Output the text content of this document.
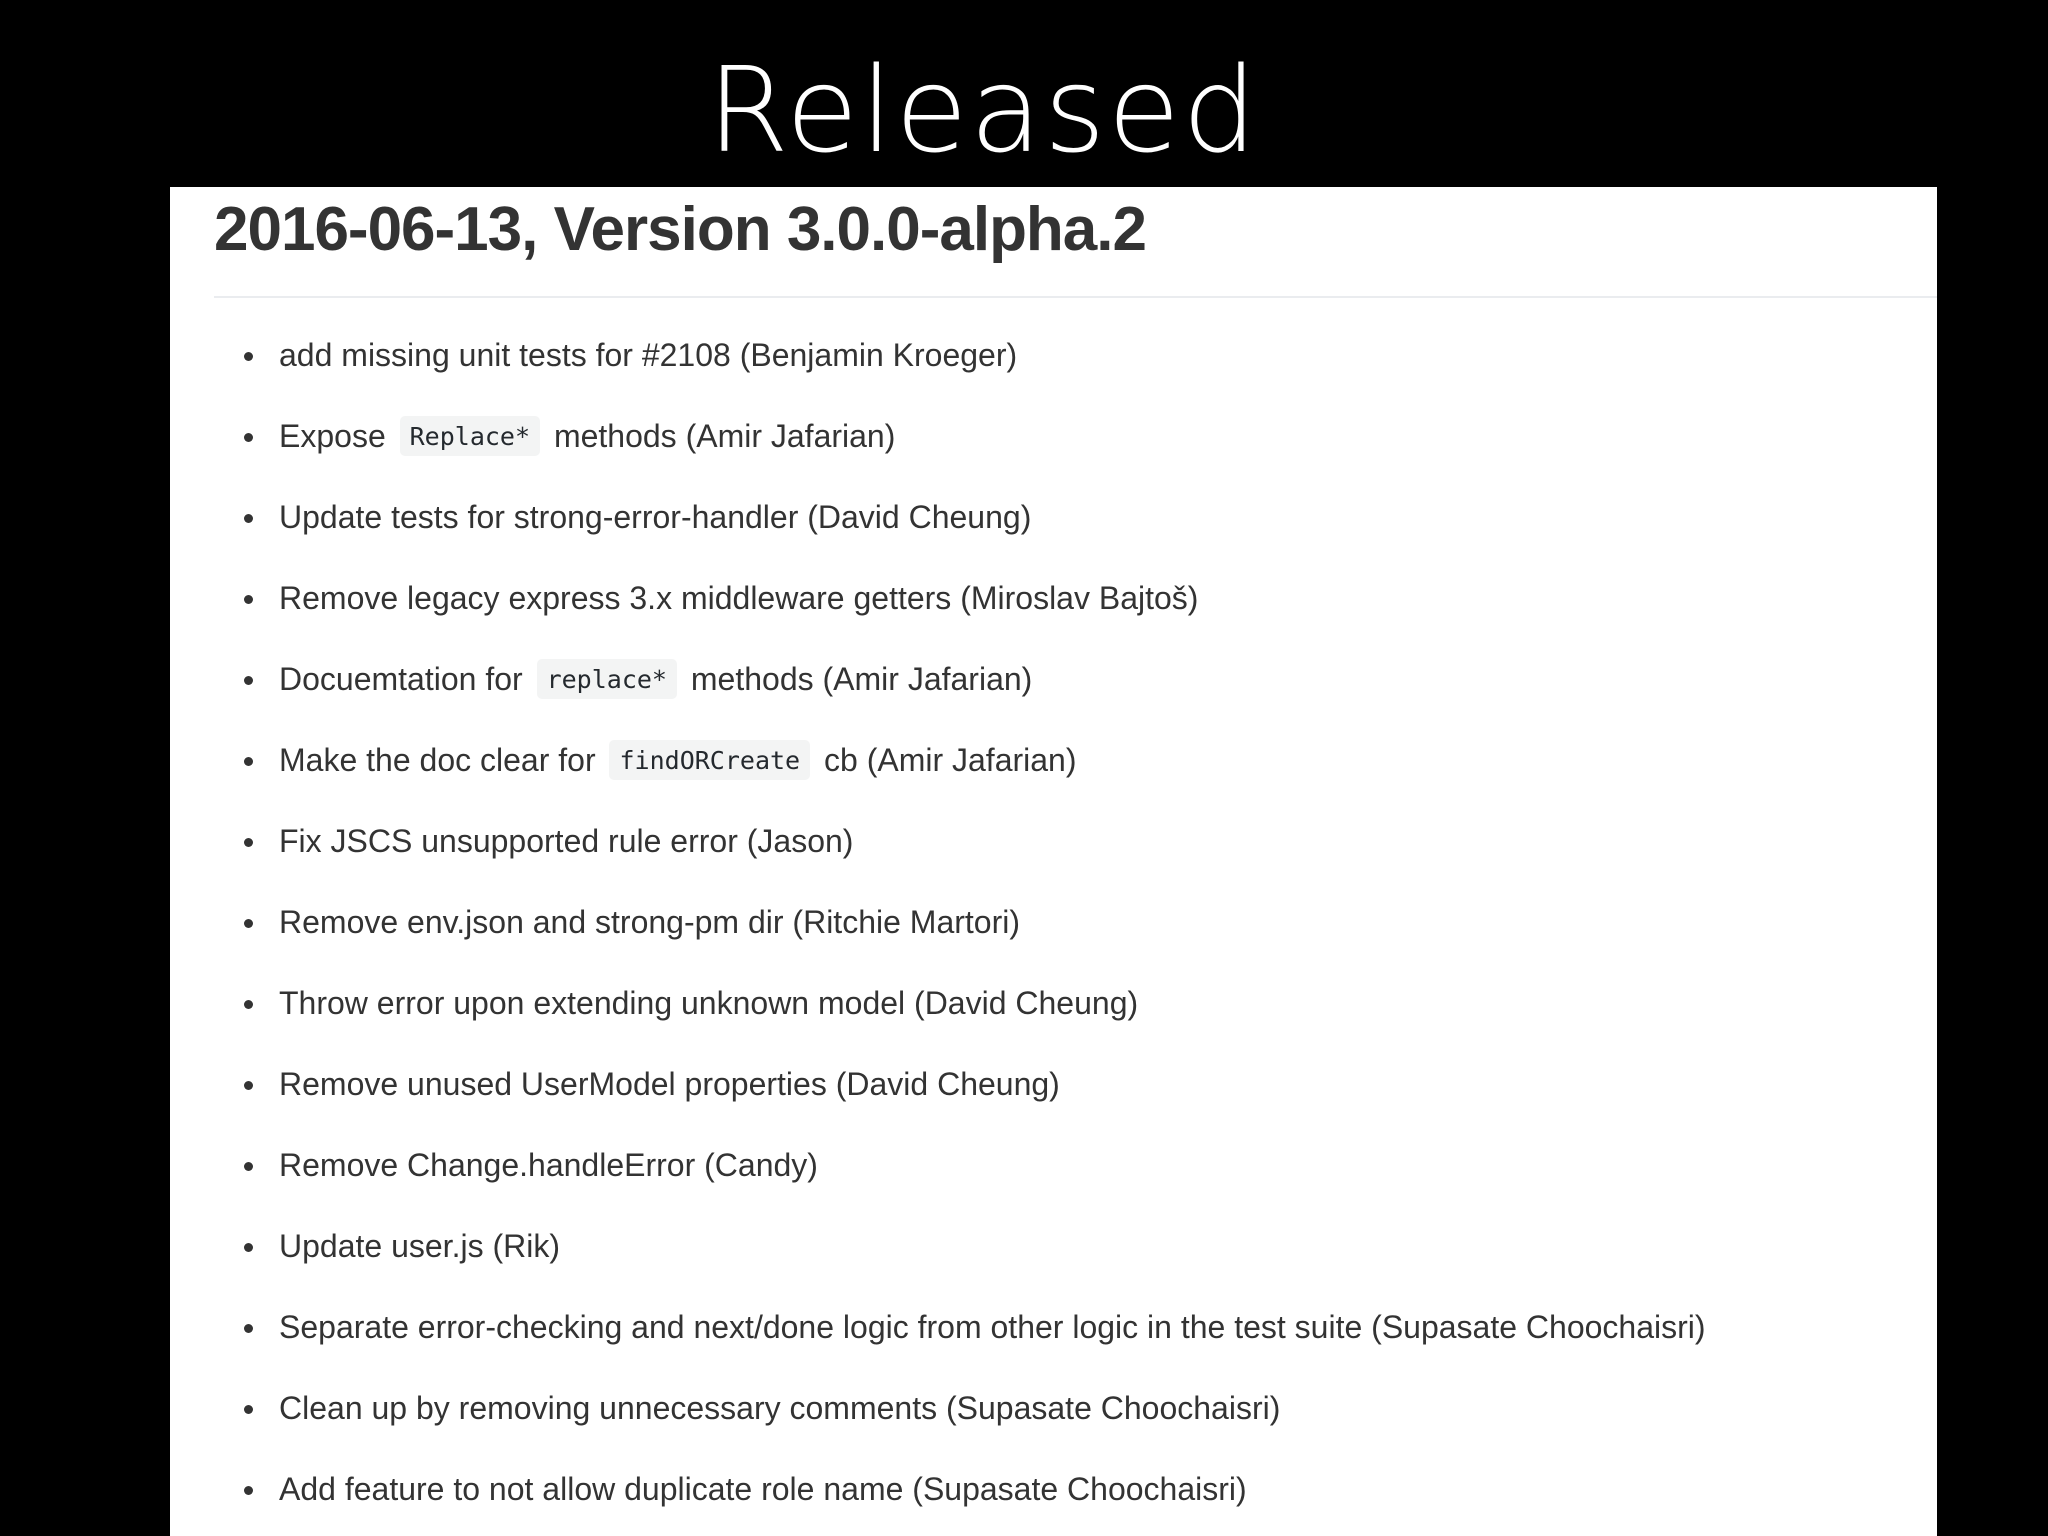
Released
2016-06-13, Version 3.0.0-alpha.2
add missing unit tests for #2108 (Benjamin Kroeger)
Expose Replace* methods (Amir Jafarian)
Update tests for strong-error-handler (David Cheung)
Remove legacy express 3.x middleware getters (Miroslav Bajtoš)
Docuemtation for replace* methods (Amir Jafarian)
Make the doc clear for findORCreate cb (Amir Jafarian)
Fix JSCS unsupported rule error (Jason)
Remove env.json and strong-pm dir (Ritchie Martori)
Throw error upon extending unknown model (David Cheung)
Remove unused UserModel properties (David Cheung)
Remove Change.handleError (Candy)
Update user.js (Rik)
Separate error-checking and next/done logic from other logic in the test suite (Supasate Choochaisri)
Clean up by removing unnecessary comments (Supasate Choochaisri)
Add feature to not allow duplicate role name (Supasate Choochaisri)
